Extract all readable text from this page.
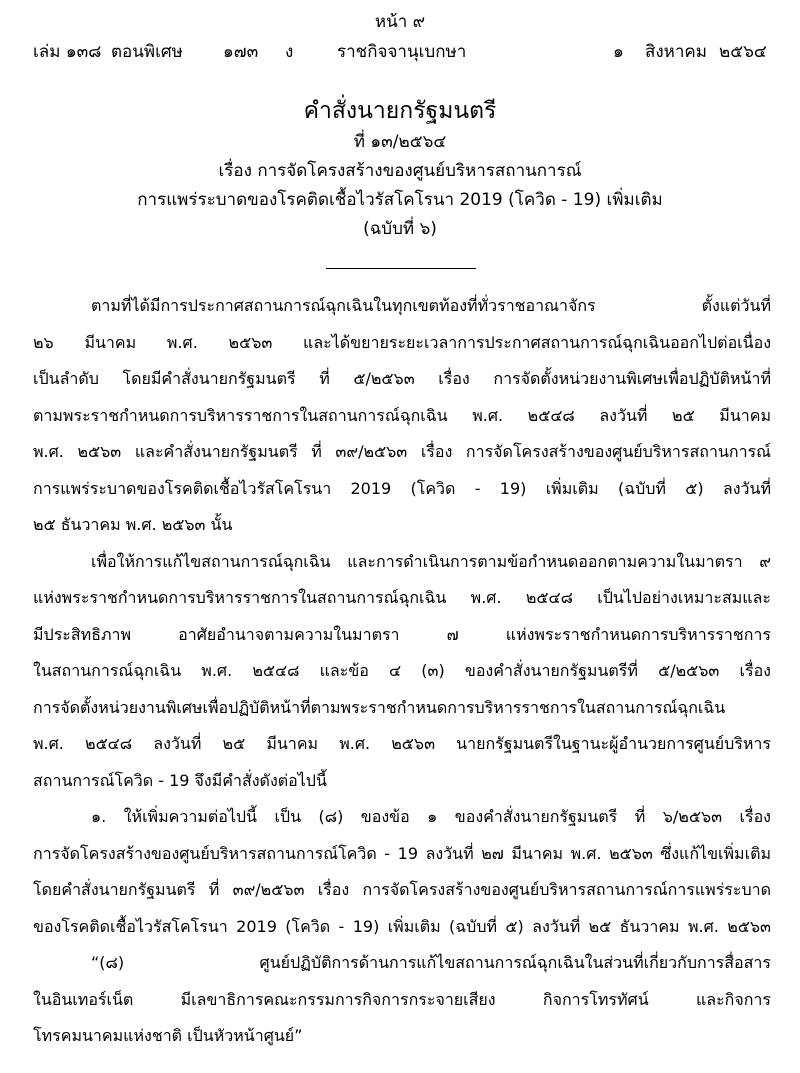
หน้า ๙
เล่ม ๑๓๘ ตอนพิเศษ ๑๗๓ ง	ราชกิจจานุเบกษา	๑ สิงหาคม ๒๕๖๔
คำสั่งนายกรัฐมนตรี
ที่ ๑๓/๒๕๖๔
เรื่อง การจัดโครงสร้างของศูนย์บริหารสถานการณ์
การแพร่ระบาดของโรคติดเชื้อไวรัสโคโรนา 2019 (โควิด - 19) เพิ่มเติม
(ฉบับที่ ๖)
ตามที่ได้มีการประกาศสถานการณ์ฉุกเฉินในทุกเขตท้องที่ทั่วราชอาณาจักร ตั้งแต่วันที่
๒๖ มีนาคม พ.ศ. ๒๕๖๓ และได้ขยายระยะเวลาการประกาศสถานการณ์ฉุกเฉินออกไปต่อเนื่อง
เป็นลำดับ โดยมีคำสั่งนายกรัฐมนตรี ที่ ๕/๒๕๖๓ เรื่อง การจัดตั้งหน่วยงานพิเศษเพื่อปฏิบัติหน้าที่
ตามพระราชกำหนดการบริหารราชการในสถานการณ์ฉุกเฉิน พ.ศ. ๒๕๔๘ ลงวันที่ ๒๕ มีนาคม
พ.ศ. ๒๕๖๓ และคำสั่งนายกรัฐมนตรี ที่ ๓๙/๒๕๖๓ เรื่อง การจัดโครงสร้างของศูนย์บริหารสถานการณ์
การแพร่ระบาดของโรคติดเชื้อไวรัสโคโรนา 2019 (โควิด - 19) เพิ่มเติม (ฉบับที่ ๕) ลงวันที่
๒๕ ธันวาคม พ.ศ. ๒๕๖๓ นั้น
เพื่อให้การแก้ไขสถานการณ์ฉุกเฉิน และการดำเนินการตามข้อกำหนดออกตามความในมาตรา ๙
แห่งพระราชกำหนดการบริหารราชการในสถานการณ์ฉุกเฉิน พ.ศ. ๒๕๔๘ เป็นไปอย่างเหมาะสมและ
มีประสิทธิภาพ อาศัยอำนาจตามความในมาตรา ๗ แห่งพระราชกำหนดการบริหารราชการ
ในสถานการณ์ฉุกเฉิน พ.ศ. ๒๕๔๘ และข้อ ๔ (๓) ของคำสั่งนายกรัฐมนตรีที่ ๕/๒๕๖๓ เรื่อง
การจัดตั้งหน่วยงานพิเศษเพื่อปฏิบัติหน้าที่ตามพระราชกำหนดการบริหารราชการในสถานการณ์ฉุกเฉิน
พ.ศ. ๒๕๔๘ ลงวันที่ ๒๕ มีนาคม พ.ศ. ๒๕๖๓ นายกรัฐมนตรีในฐานะผู้อำนวยการศูนย์บริหาร
สถานการณ์โควิด - 19 จึงมีคำสั่งดังต่อไปนี้
๑. ให้เพิ่มความต่อไปนี้ เป็น (๘) ของข้อ ๑ ของคำสั่งนายกรัฐมนตรี ที่ ๖/๒๕๖๓ เรื่อง
การจัดโครงสร้างของศูนย์บริหารสถานการณ์โควิด - 19 ลงวันที่ ๒๗ มีนาคม พ.ศ. ๒๕๖๓ ซึ่งแก้ไขเพิ่มเติม
โดยคำสั่งนายกรัฐมนตรี ที่ ๓๙/๒๕๖๓ เรื่อง การจัดโครงสร้างของศูนย์บริหารสถานการณ์การแพร่ระบาด
ของโรคติดเชื้อไวรัสโคโรนา 2019 (โควิด - 19) เพิ่มเติม (ฉบับที่ ๕) ลงวันที่ ๒๕ ธันวาคม พ.ศ. ๒๕๖๓
“(๘) ศูนย์ปฏิบัติการด้านการแก้ไขสถานการณ์ฉุกเฉินในส่วนที่เกี่ยวกับการสื่อสาร
ในอินเทอร์เน็ต มีเลขาธิการคณะกรรมการกิจการกระจายเสียง กิจการโทรทัศน์ และกิจการ
โทรคมนาคมแห่งชาติ เป็นหัวหน้าศูนย์”
